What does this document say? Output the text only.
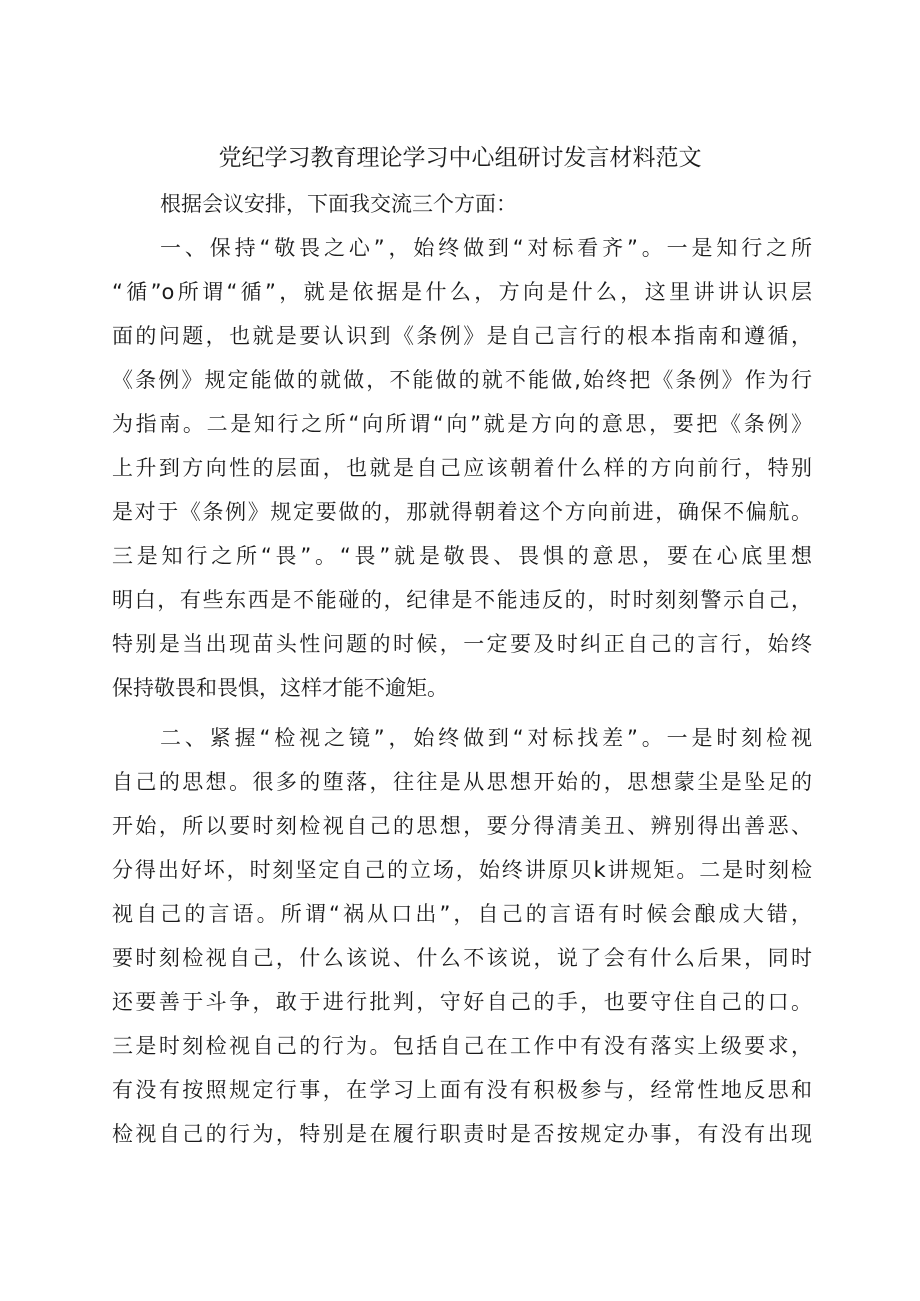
党纪学习教育理论学习中心组研讨发言材料范文
根据会议安排，下面我交流三个方面：
一、保持“敬畏之心”，始终做到“对标看齐”。一是知行之所
“循”o所谓“循”，就是依据是什么，方向是什么，这里讲讲认识层
面的问题，也就是要认识到《条例》是自己言行的根本指南和遵循，
《条例》规定能做的就做，不能做的就不能做,始终把《条例》作为行
为指南。二是知行之所“向所谓“向”就是方向的意思，要把《条例》
上升到方向性的层面，也就是自己应该朝着什么样的方向前行，特别
是对于《条例》规定要做的，那就得朝着这个方向前进，确保不偏航。
三是知行之所“畏”。“畏”就是敬畏、畏惧的意思，要在心底里想
明白，有些东西是不能碰的，纪律是不能违反的，时时刻刻警示自己，
特别是当出现苗头性问题的时候，一定要及时纠正自己的言行，始终
保持敬畏和畏惧，这样才能不逾矩。
二、紧握“检视之镜”，始终做到“对标找差”。一是时刻检视
自己的思想。很多的堕落，往往是从思想开始的，思想蒙尘是坠足的
开始，所以要时刻检视自己的思想，要分得清美丑、辨别得出善恶、
分得出好坏，时刻坚定自己的立场，始终讲原贝k讲规矩。二是时刻检
视自己的言语。所谓“祸从口出”，自己的言语有时候会酿成大错，
要时刻检视自己，什么该说、什么不该说，说了会有什么后果，同时
还要善于斗争，敢于进行批判，守好自己的手，也要守住自己的口。
三是时刻检视自己的行为。包括自己在工作中有没有落实上级要求，
有没有按照规定行事，在学习上面有没有积极参与，经常性地反思和
检视自己的行为，特别是在履行职责时是否按规定办事，有没有出现
